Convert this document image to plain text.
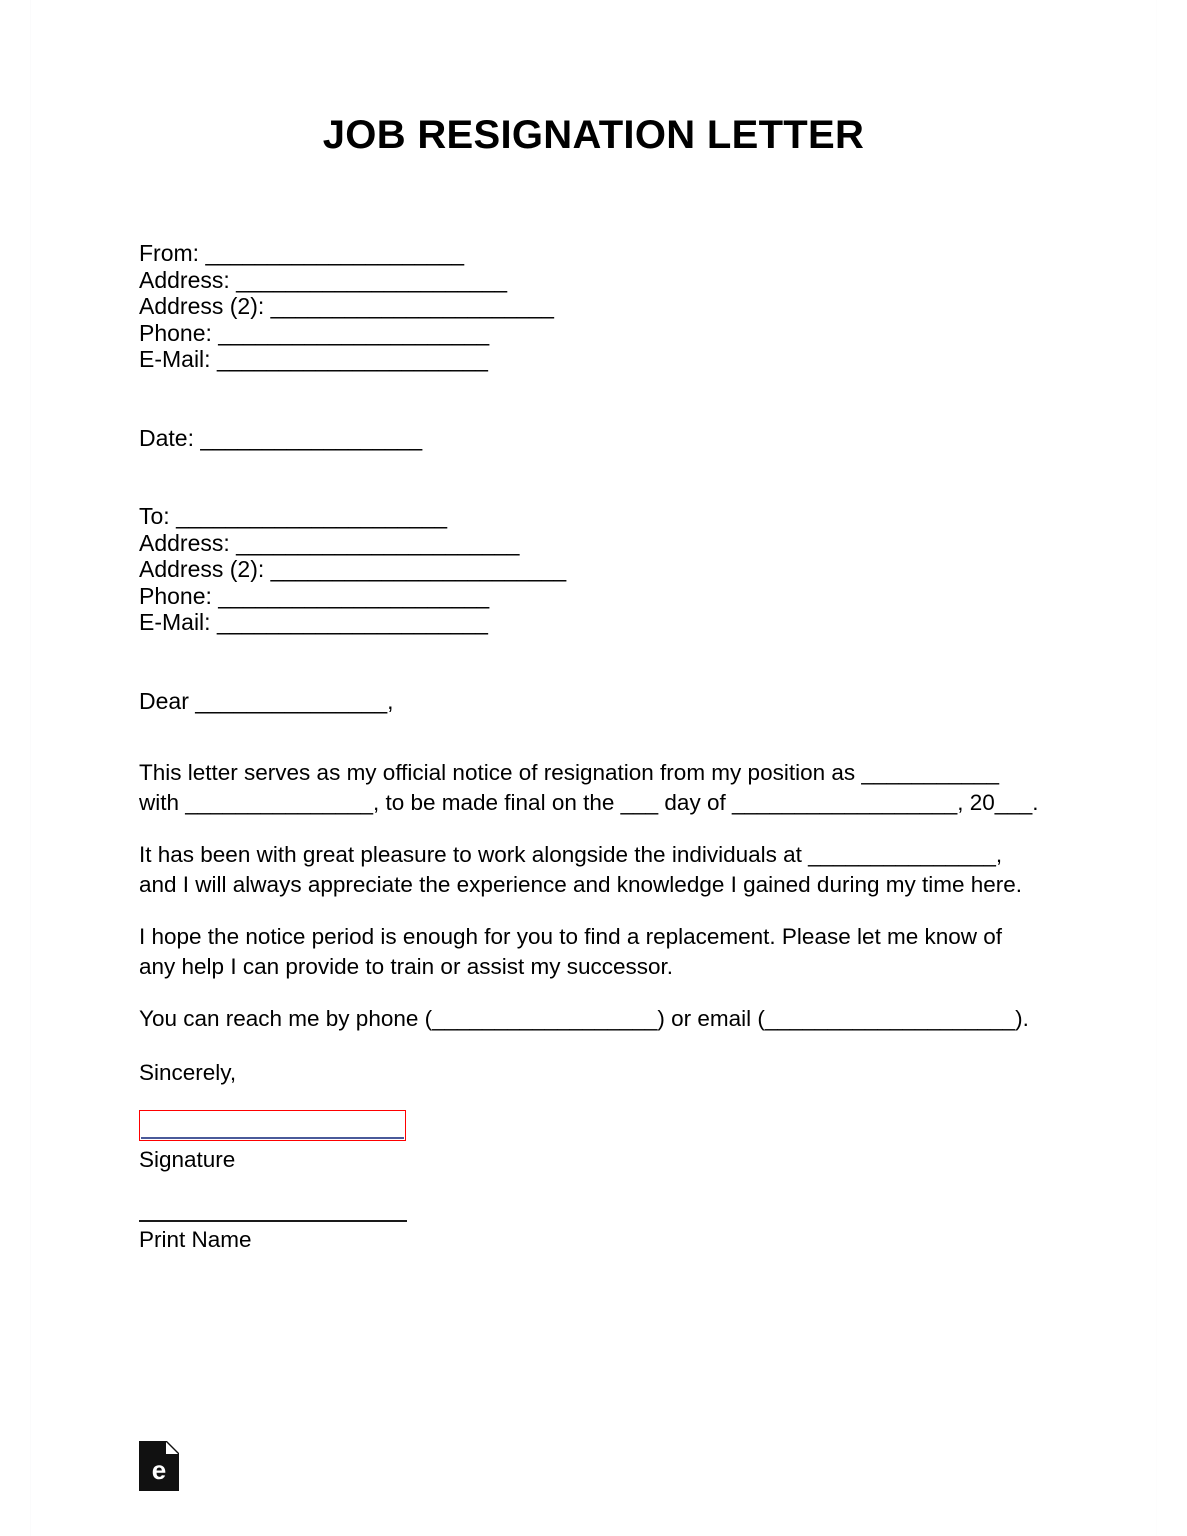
JOB RESIGNATION LETTER
From: _____________________
Address: ______________________
Address (2): _______________________
Phone: ______________________
E-Mail: ______________________
Date: __________________
To: ______________________
Address: _______________________
Address (2): ________________________
Phone: ______________________
E-Mail: ______________________
Dear _______________,
This letter serves as my official notice of resignation from my position as ___________ with _______________, to be made final on the ___ day of __________________, 20___.
It has been with great pleasure to work alongside the individuals at _______________, and I will always appreciate the experience and knowledge I gained during my time here.
I hope the notice period is enough for you to find a replacement. Please let me know of any help I can provide to train or assist my successor.
You can reach me by phone (__________________) or email (____________________).
Sincerely,
Signature
Print Name
e
